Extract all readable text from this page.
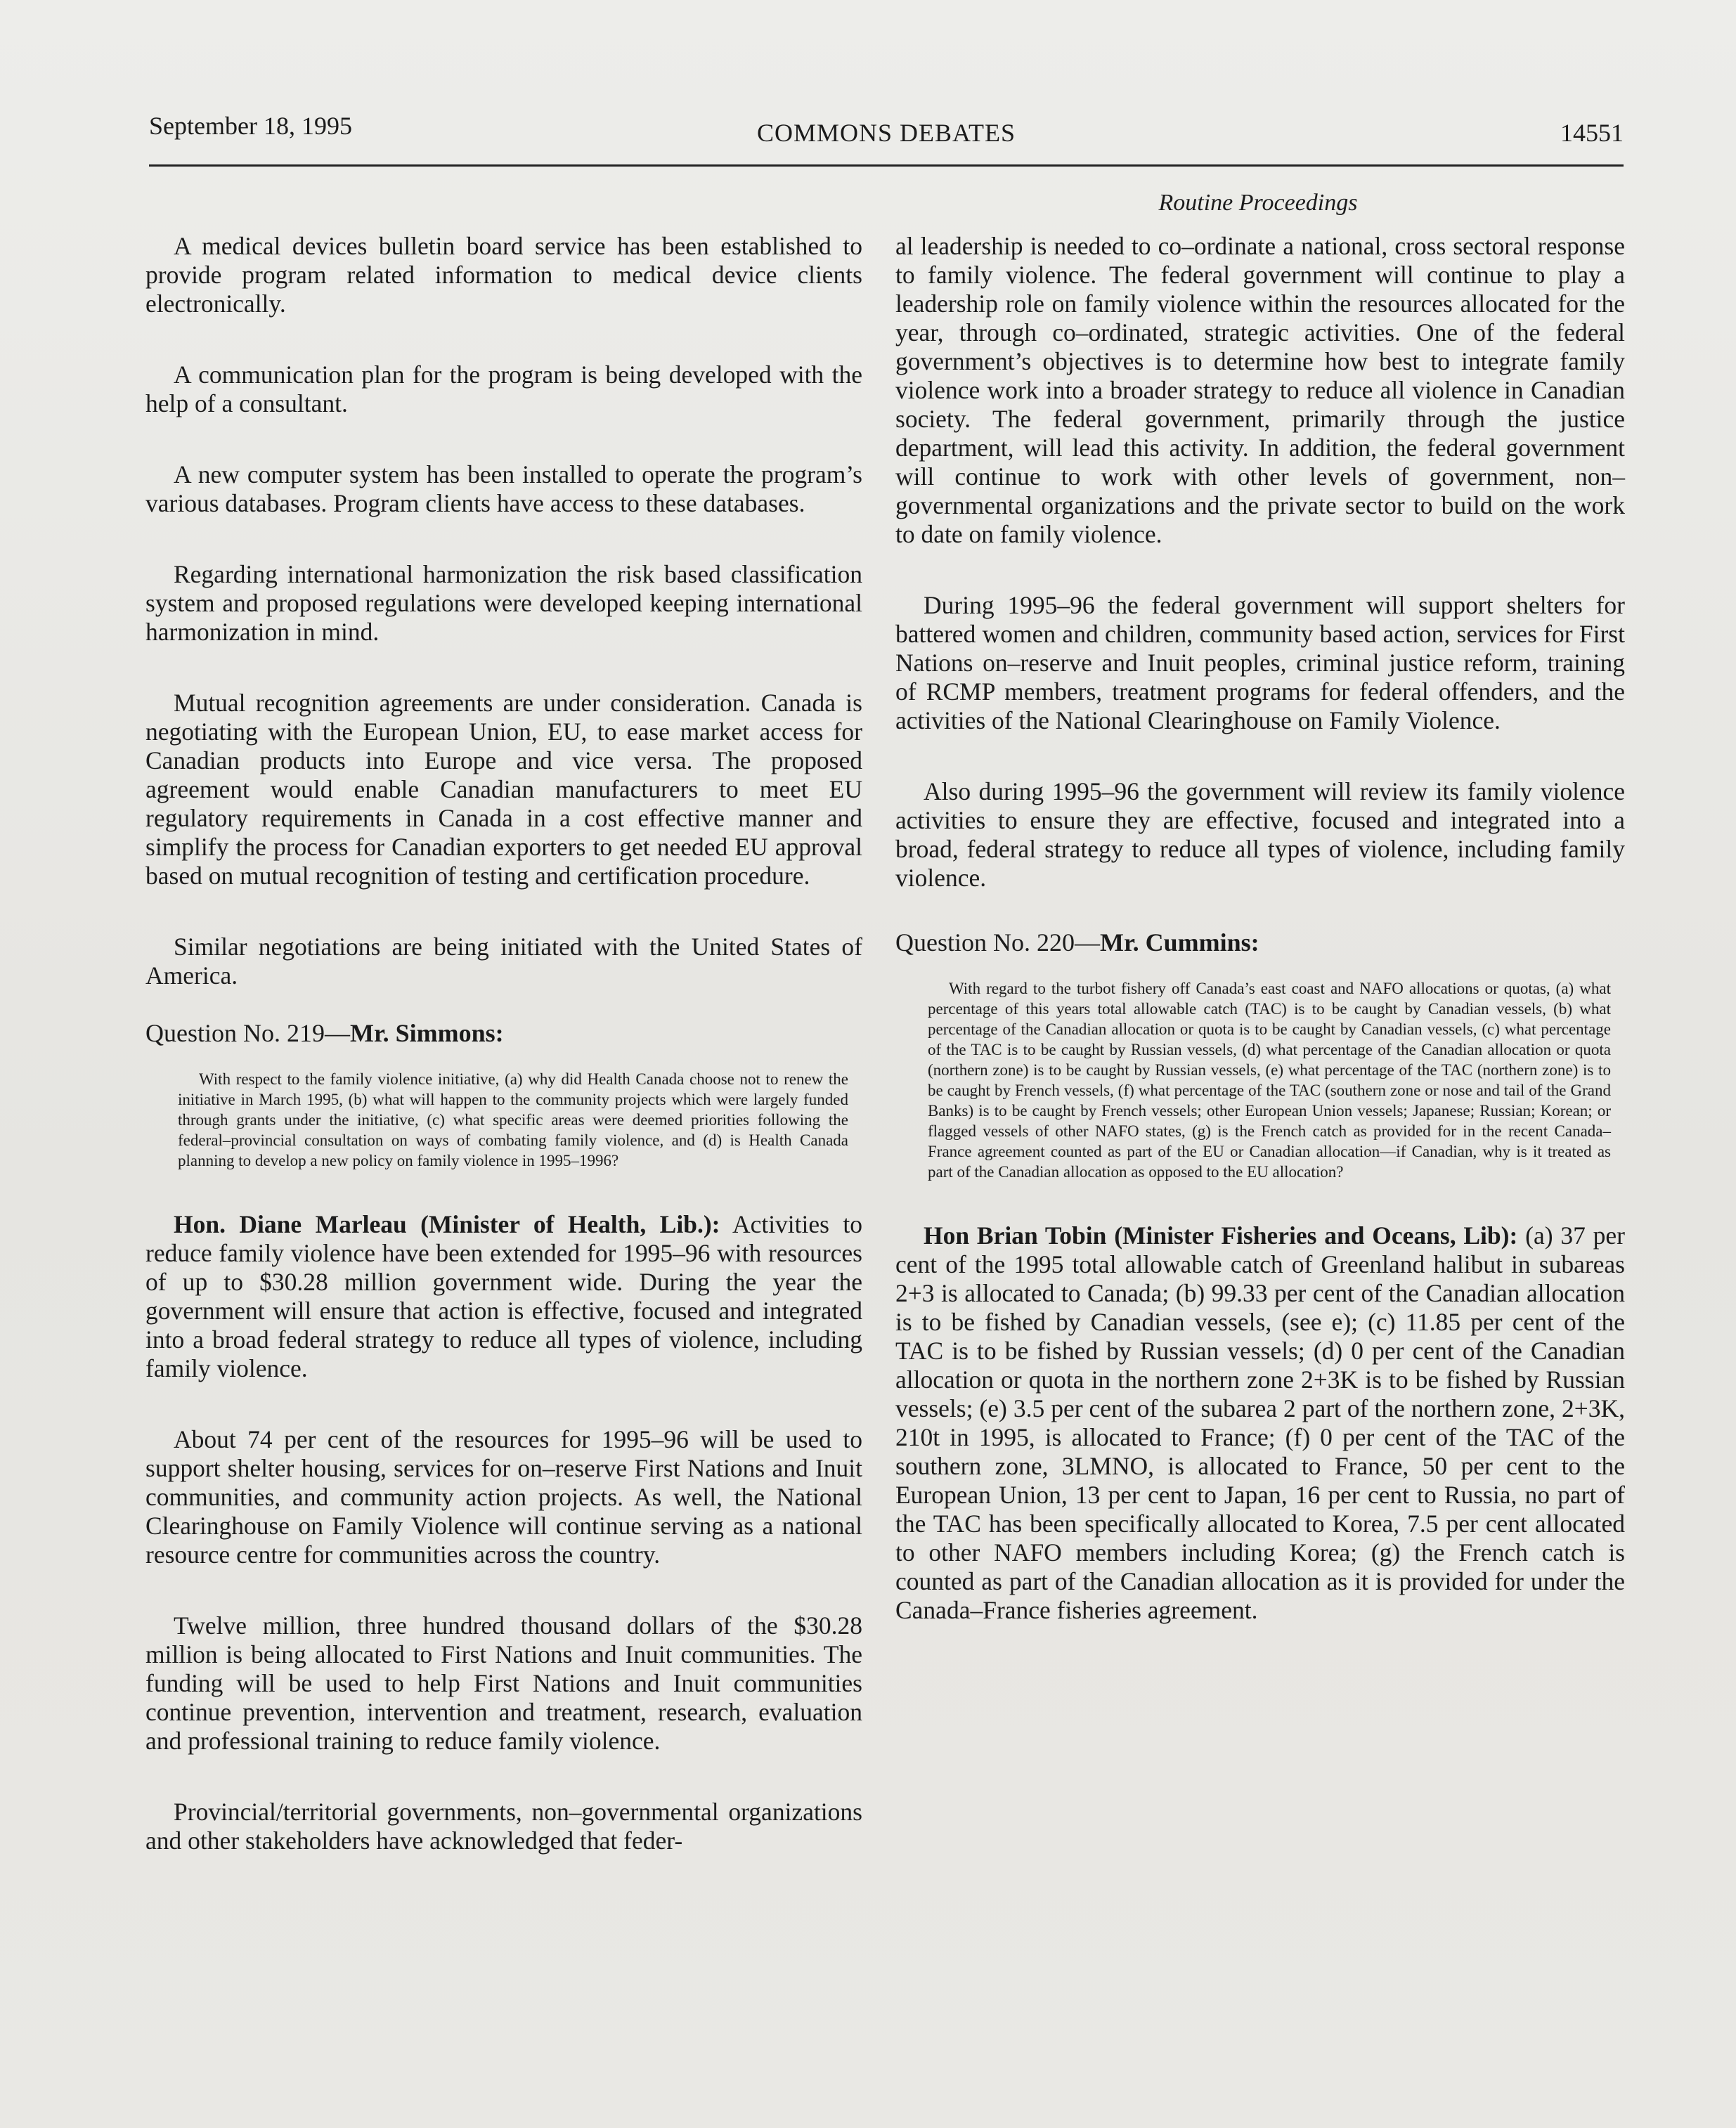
September 18, 1995	COMMONS DEBATES	14551
Routine Proceedings

A medical devices bulletin board service has been established to provide program related information to medical device clients electronically.

A communication plan for the program is being developed with the help of a consultant.

A new computer system has been installed to operate the program’s various databases. Program clients have access to these databases.

Regarding international harmonization the risk based classification system and proposed regulations were developed keeping international harmonization in mind.

Mutual recognition agreements are under consideration. Canada is negotiating with the European Union, EU, to ease market access for Canadian products into Europe and vice versa. The proposed agreement would enable Canadian manufacturers to meet EU regulatory requirements in Canada in a cost effective manner and simplify the process for Canadian exporters to get needed EU approval based on mutual recognition of testing and certification procedure.

Similar negotiations are being initiated with the United States of America.

Question No. 219—Mr. Simmons:

With respect to the family violence initiative, (a) why did Health Canada choose not to renew the initiative in March 1995, (b) what will happen to the community projects which were largely funded through grants under the initiative, (c) what specific areas were deemed priorities following the federal–provincial consultation on ways of combating family violence, and (d) is Health Canada planning to develop a new policy on family violence in 1995–1996?

Hon. Diane Marleau (Minister of Health, Lib.): Activities to reduce family violence have been extended for 1995–96 with resources of up to $30.28 million government wide. During the year the government will ensure that action is effective, focused and integrated into a broad federal strategy to reduce all types of violence, including family violence.

About 74 per cent of the resources for 1995–96 will be used to support shelter housing, services for on–reserve First Nations and Inuit communities, and community action projects. As well, the National Clearinghouse on Family Violence will continue serving as a national resource centre for communities across the country.

Twelve million, three hundred thousand dollars of the $30.28 million is being allocated to First Nations and Inuit communities. The funding will be used to help First Nations and Inuit communities continue prevention, intervention and treatment, research, evaluation and professional training to reduce family violence.

Provincial/territorial governments, non–governmental organizations and other stakeholders have acknowledged that feder-

al leadership is needed to co–ordinate a national, cross sectoral response to family violence. The federal government will continue to play a leadership role on family violence within the resources allocated for the year, through co–ordinated, strategic activities. One of the federal government’s objectives is to determine how best to integrate family violence work into a broader strategy to reduce all violence in Canadian society. The federal government, primarily through the justice department, will lead this activity. In addition, the federal government will continue to work with other levels of government, non–governmental organizations and the private sector to build on the work to date on family violence.

During 1995–96 the federal government will support shelters for battered women and children, community based action, services for First Nations on–reserve and Inuit peoples, criminal justice reform, training of RCMP members, treatment programs for federal offenders, and the activities of the National Clearinghouse on Family Violence.

Also during 1995–96 the government will review its family violence activities to ensure they are effective, focused and integrated into a broad, federal strategy to reduce all types of violence, including family violence.

Question No. 220—Mr. Cummins:

With regard to the turbot fishery off Canada’s east coast and NAFO allocations or quotas, (a) what percentage of this years total allowable catch (TAC) is to be caught by Canadian vessels, (b) what percentage of the Canadian allocation or quota is to be caught by Canadian vessels, (c) what percentage of the TAC is to be caught by Russian vessels, (d) what percentage of the Canadian allocation or quota (northern zone) is to be caught by Russian vessels, (e) what percentage of the TAC (northern zone) is to be caught by French vessels, (f) what percentage of the TAC (southern zone or nose and tail of the Grand Banks) is to be caught by French vessels; other European Union vessels; Japanese; Russian; Korean; or flagged vessels of other NAFO states, (g) is the French catch as provided for in the recent Canada–France agreement counted as part of the EU or Canadian allocation—if Canadian, why is it treated as part of the Canadian allocation as opposed to the EU allocation?

Hon Brian Tobin (Minister Fisheries and Oceans, Lib): (a) 37 per cent of the 1995 total allowable catch of Greenland halibut in subareas 2+3 is allocated to Canada; (b) 99.33 per cent of the Canadian allocation is to be fished by Canadian vessels, (see e); (c) 11.85 per cent of the TAC is to be fished by Russian vessels; (d) 0 per cent of the Canadian allocation or quota in the northern zone 2+3K is to be fished by Russian vessels; (e) 3.5 per cent of the subarea 2 part of the northern zone, 2+3K, 210t in 1995, is allocated to France; (f) 0 per cent of the TAC of the southern zone, 3LMNO, is allocated to France, 50 per cent to the European Union, 13 per cent to Japan, 16 per cent to Russia, no part of the TAC has been specifically allocated to Korea, 7.5 per cent allocated to other NAFO members including Korea; (g) the French catch is counted as part of the Canadian allocation as it is provided for under the Canada–France fisheries agreement.
